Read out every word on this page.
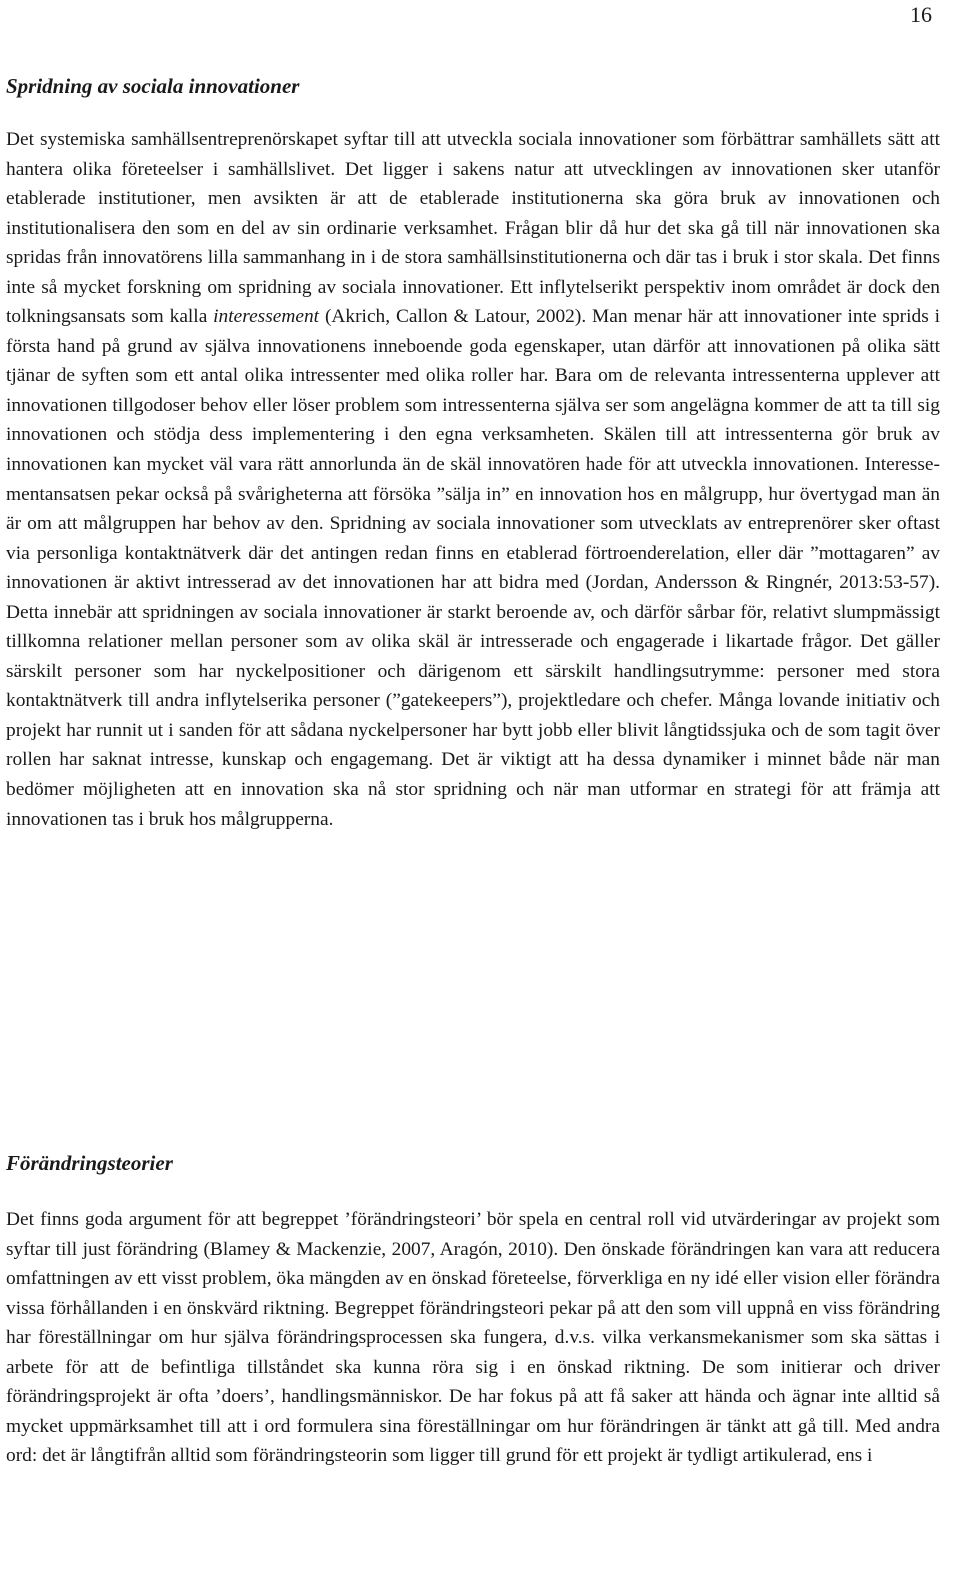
16
Spridning av sociala innovationer

Det systemiska samhällsentreprenörskapet syftar till att utveckla sociala innovationer som förbättrar samhällets sätt att hantera olika företeelser i samhällslivet. Det ligger i sakens natur att utvecklingen av innovationen sker utanför etablerade institutioner, men avsikten är att de etablerade institutionerna ska göra bruk av innovationen och institutionalisera den som en del av sin ordinarie verksamhet. Frågan blir då hur det ska gå till när innovationen ska spridas från innovatörens lilla sammanhang in i de stora samhällsinstitutionerna och där tas i bruk i stor skala. Det finns inte så mycket forskning om spridning av sociala innovationer. Ett inflytelserikt perspektiv inom området är dock den tolkningsansats som kalla interessement (Akrich, Callon & Latour, 2002). Man menar här att innovationer inte sprids i första hand på grund av själva innovationens inneboende goda egenskaper, utan därför att innovationen på olika sätt tjänar de syften som ett antal olika intressenter med olika roller har. Bara om de relevanta intressenterna upplever att innovationen tillgodoser behov eller löser problem som intressenterna själva ser som angelägna kommer de att ta till sig innovationen och stödja dess implementering i den egna verksamheten. Skälen till att intressenterna gör bruk av innovationen kan mycket väl vara rätt annorlunda än de skäl innovatören hade för att utveckla innovationen. Interessementansatsen pekar också på svårigheterna att försöka ”sälja in” en innovation hos en målgrupp, hur övertygad man än är om att målgruppen har behov av den. Spridning av sociala innovationer som utvecklats av entreprenörer sker oftast via personliga kontaktnätverk där det antingen redan finns en etablerad förtroenderelation, eller där ”mottagaren” av innovationen är aktivt intresserad av det innovationen har att bidra med (Jordan, Andersson & Ringnér, 2013:53-57). Detta innebär att spridningen av sociala innovationer är starkt beroende av, och därför sårbar för, relativt slumpmässigt tillkomna relationer mellan personer som av olika skäl är intresserade och engagerade i likartade frågor. Det gäller särskilt personer som har nyckelpositioner och därigenom ett särskilt handlingsutrymme: personer med stora kontaktnätverk till andra inflytelserika personer (”gatekeepers”), projektledare och chefer. Många lovande initiativ och projekt har runnit ut i sanden för att sådana nyckelpersoner har bytt jobb eller blivit långtidssjuka och de som tagit över rollen har saknat intresse, kunskap och engagemang. Det är viktigt att ha dessa dynamiker i minnet både när man bedömer möjligheten att en innovation ska nå stor spridning och när man utformar en strategi för att främja att innovationen tas i bruk hos målgrupperna.

Förändringsteorier

Det finns goda argument för att begreppet ’förändringsteori’ bör spela en central roll vid utvärderingar av projekt som syftar till just förändring (Blamey & Mackenzie, 2007, Aragón, 2010). Den önskade förändringen kan vara att reducera omfattningen av ett visst problem, öka mängden av en önskad företeelse, förverkliga en ny idé eller vision eller förändra vissa förhållanden i en önskvärd riktning. Begreppet förändringsteori pekar på att den som vill uppnå en viss förändring har föreställningar om hur själva förändringsprocessen ska fungera, d.v.s. vilka verkansmekanismer som ska sättas i arbete för att de befintliga tillståndet ska kunna röra sig i en önskad riktning. De som initierar och driver förändringsprojekt är ofta ’doers’, handlingsmänniskor. De har fokus på att få saker att hända och ägnar inte alltid så mycket uppmärksamhet till att i ord formulera sina föreställningar om hur förändringen är tänkt att gå till. Med andra ord: det är långtifrån alltid som förändringsteorin som ligger till grund för ett projekt är tydligt artikulerad, ens i
